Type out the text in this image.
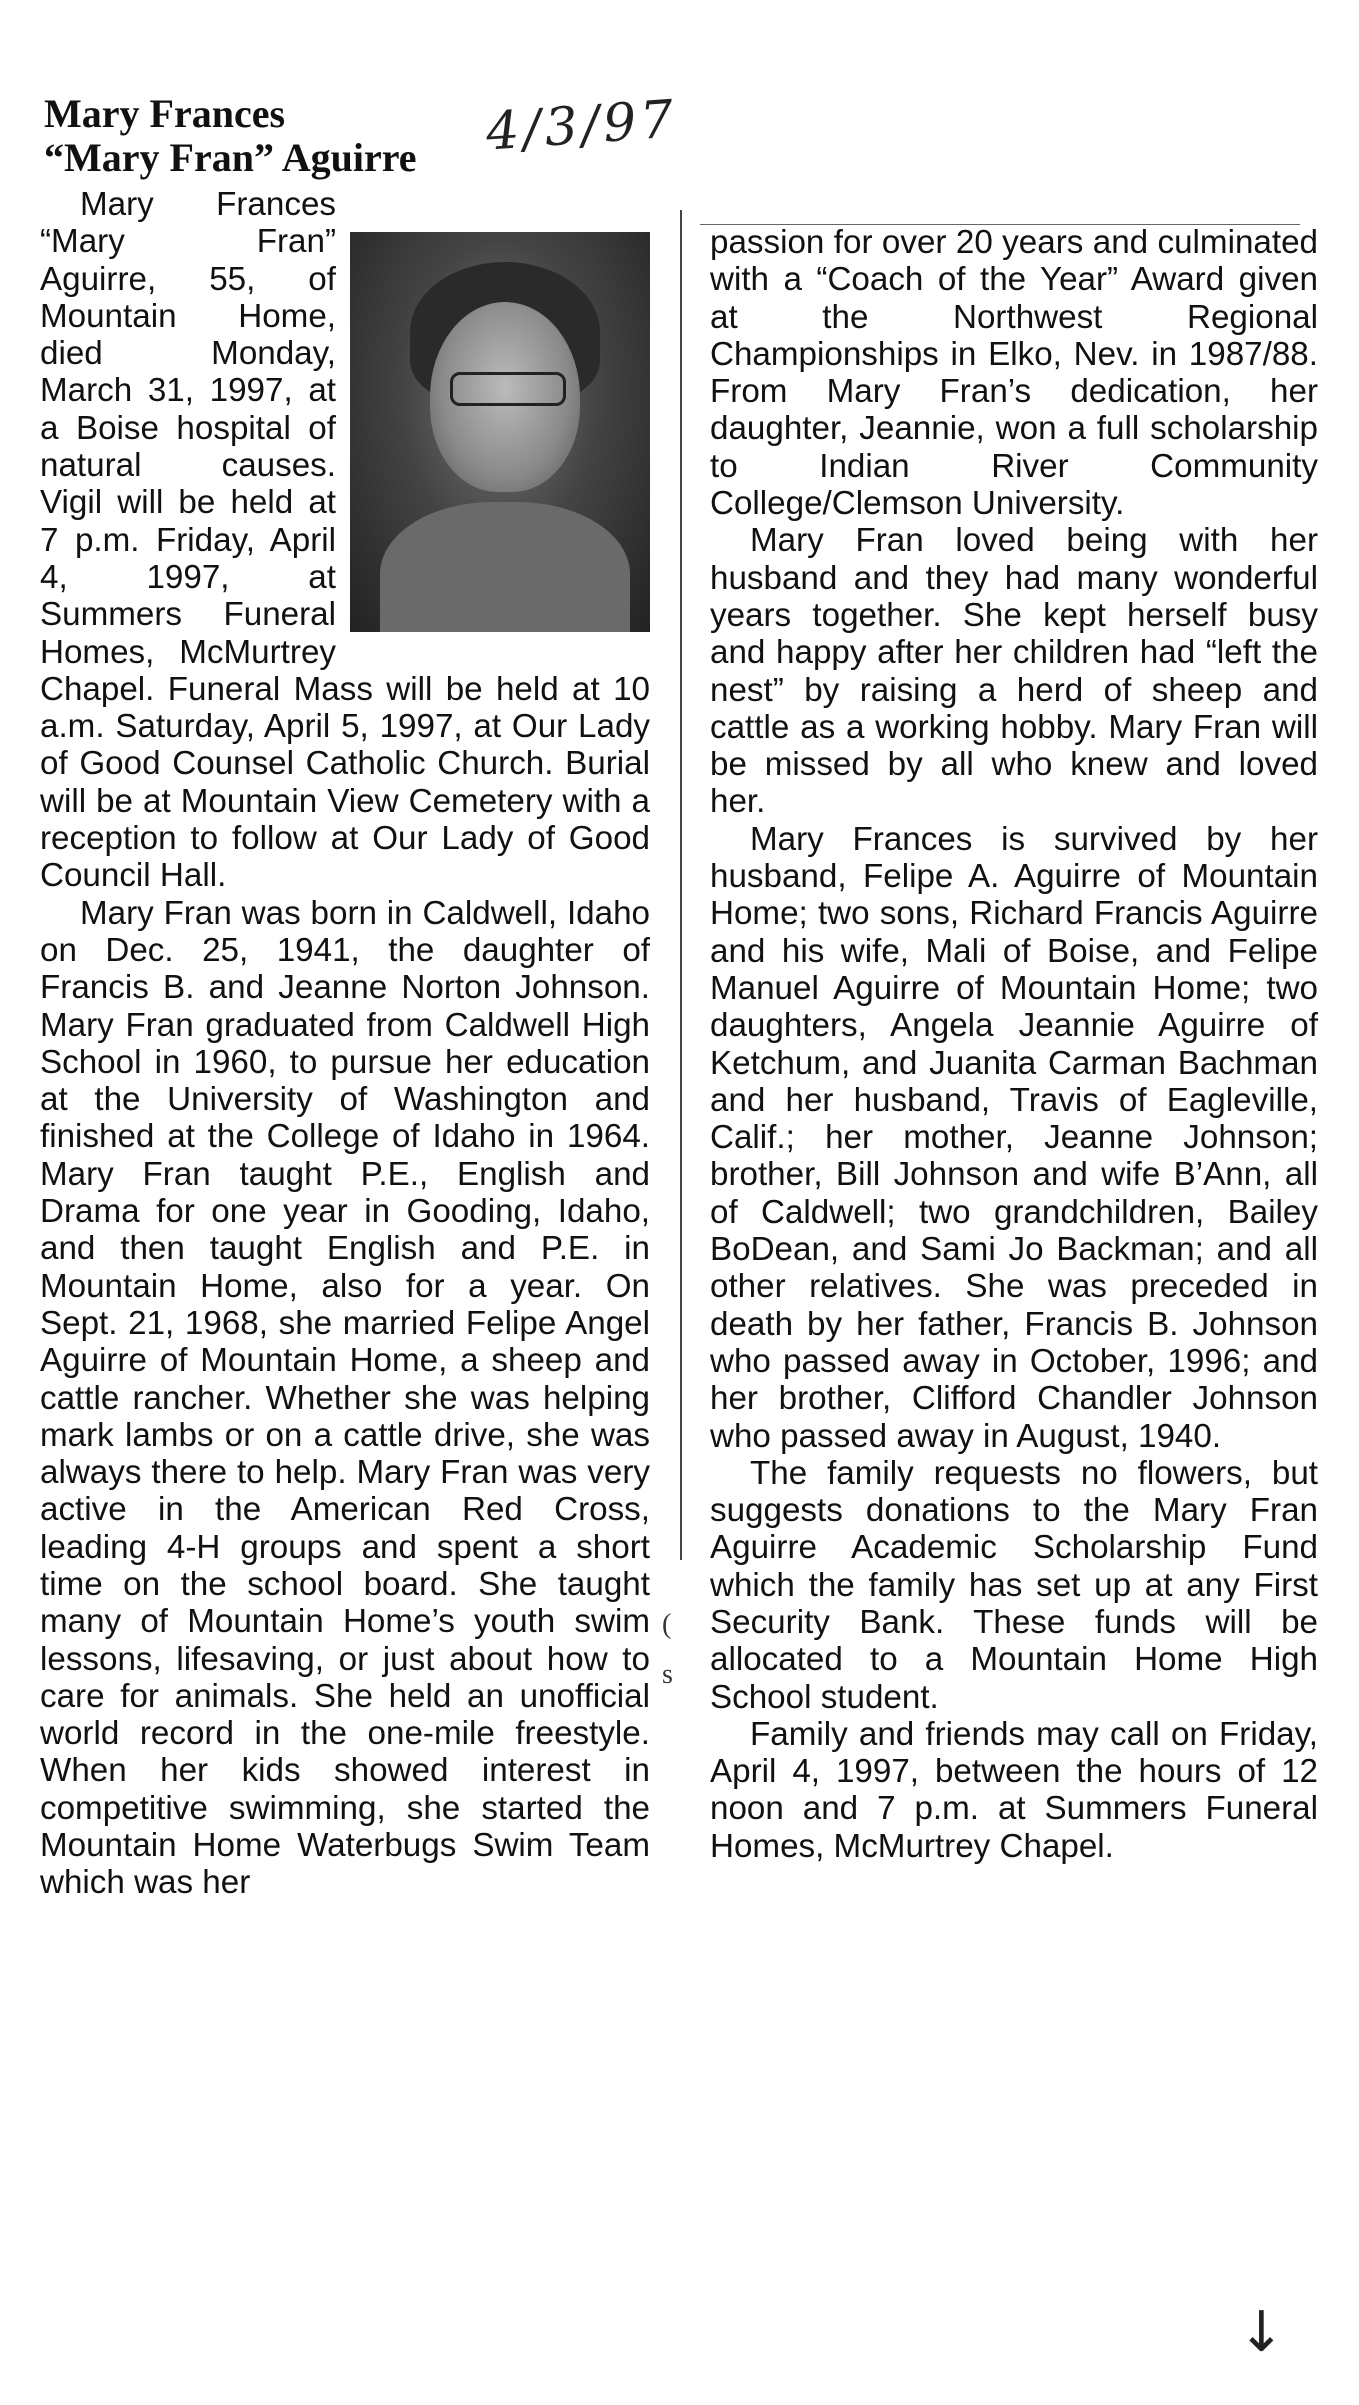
Mary Frances
“Mary Fran” Aguirre	4/3/97

Mary Frances “Mary Fran” Aguirre, 55, of Mountain Home, died Monday, March 31, 1997, at a Boise hospital of natural causes. Vigil will be held at 7 p.m. Friday, April 4, 1997, at Summers Funeral Homes, McMurtrey Chapel. Funeral Mass will be held at 10 a.m. Saturday, April 5, 1997, at Our Lady of Good Counsel Catholic Church. Burial will be at Mountain View Cemetery with a reception to follow at Our Lady of Good Council Hall.

Mary Fran was born in Caldwell, Idaho on Dec. 25, 1941, the daughter of Francis B. and Jeanne Norton Johnson. Mary Fran graduated from Caldwell High School in 1960, to pursue her education at the University of Washington and finished at the College of Idaho in 1964. Mary Fran taught P.E., English and Drama for one year in Gooding, Idaho, and then taught English and P.E. in Mountain Home, also for a year. On Sept. 21, 1968, she married Felipe Angel Aguirre of Mountain Home, a sheep and cattle rancher. Whether she was helping mark lambs or on a cattle drive, she was always there to help. Mary Fran was very active in the American Red Cross, leading 4-H groups and spent a short time on the school board. She taught many of Mountain Home’s youth swim lessons, lifesaving, or just about how to care for animals. She held an unofficial world record in the one-mile freestyle. When her kids showed interest in competitive swimming, she started the Mountain Home Waterbugs Swim Team which was her

passion for over 20 years and culminated with a “Coach of the Year” Award given at the Northwest Regional Championships in Elko, Nev. in 1987/88. From Mary Fran’s dedication, her daughter, Jeannie, won a full scholarship to Indian River Community College/Clemson University.

Mary Fran loved being with her husband and they had many wonderful years together. She kept herself busy and happy after her children had “left the nest” by raising a herd of sheep and cattle as a working hobby. Mary Fran will be missed by all who knew and loved her.

Mary Frances is survived by her husband, Felipe A. Aguirre of Mountain Home; two sons, Richard Francis Aguirre and his wife, Mali of Boise, and Felipe Manuel Aguirre of Mountain Home; two daughters, Angela Jeannie Aguirre of Ketchum, and Juanita Carman Bachman and her husband, Travis of Eagleville, Calif.; her mother, Jeanne Johnson; brother, Bill Johnson and wife B’Ann, all of Caldwell; two grandchildren, Bailey BoDean, and Sami Jo Backman; and all other relatives. She was preceded in death by her father, Francis B. Johnson who passed away in October, 1996; and her brother, Clifford Chandler Johnson who passed away in August, 1940.

The family requests no flowers, but suggests donations to the Mary Fran Aguirre Academic Scholarship Fund which the family has set up at any First Security Bank. These funds will be allocated to a Mountain Home High School student.

Family and friends may call on Friday, April 4, 1997, between the hours of 12 noon and 7 p.m. at Summers Funeral Homes, McMurtrey Chapel.

(
s
↓
